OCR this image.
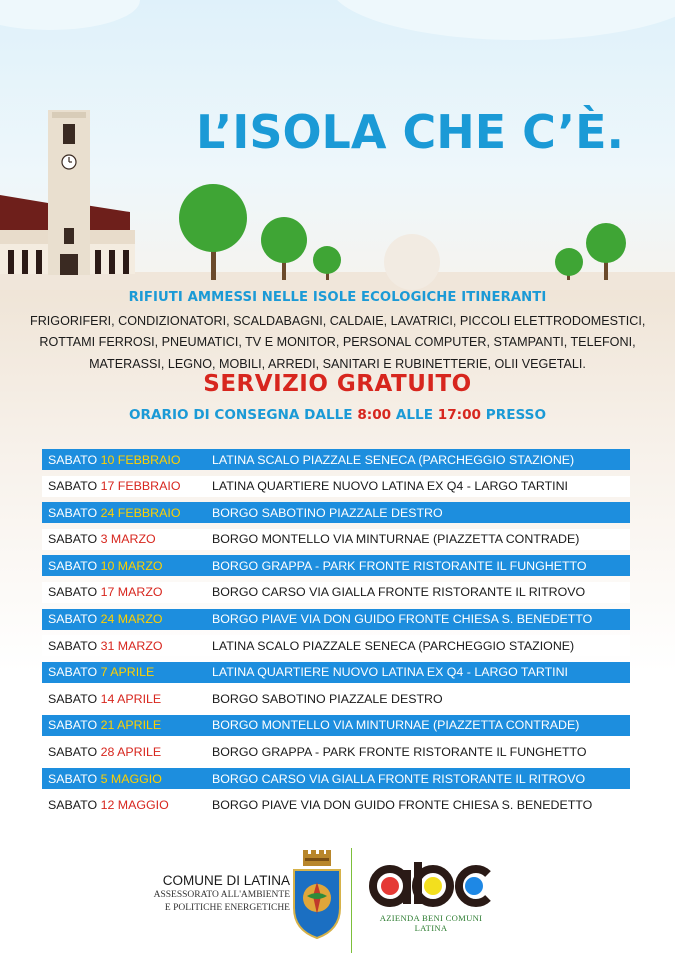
L’ISOLA CHE C’È.
RIFIUTI AMMESSI NELLE ISOLE ECOLOGICHE ITINERANTI
FRIGORIFERI, CONDIZIONATORI, SCALDABAGNI, CALDAIE, LAVATRICI, PICCOLI ELETTRODOMESTICI,
ROTTAMI FERROSI, PNEUMATICI, TV E MONITOR, PERSONAL COMPUTER, STAMPANTI, TELEFONI,
MATERASSI, LEGNO, MOBILI, ARREDI, SANITARI E RUBINETTERIE, OLII VEGETALI.
SERVIZIO GRATUITO
ORARIO DI CONSEGNA DALLE 8:00 ALLE 17:00 PRESSO
SABATO 10 FEBBRAIO	LATINA SCALO PIAZZALE SENECA (PARCHEGGIO STAZIONE)
SABATO 17 FEBBRAIO	LATINA QUARTIERE NUOVO LATINA EX Q4 - LARGO TARTINI
SABATO 24 FEBBRAIO	BORGO SABOTINO PIAZZALE DESTRO
SABATO 3 MARZO	BORGO MONTELLO VIA MINTURNAE (PIAZZETTA CONTRADE)
SABATO 10 MARZO	BORGO GRAPPA - PARK FRONTE RISTORANTE IL FUNGHETTO
SABATO 17 MARZO	BORGO CARSO VIA GIALLA FRONTE RISTORANTE IL RITROVO
SABATO 24 MARZO	BORGO PIAVE VIA DON GUIDO FRONTE CHIESA S. BENEDETTO
SABATO 31 MARZO	LATINA SCALO PIAZZALE SENECA (PARCHEGGIO STAZIONE)
SABATO 7 APRILE	LATINA QUARTIERE NUOVO LATINA EX Q4 - LARGO TARTINI
SABATO 14 APRILE	BORGO SABOTINO PIAZZALE DESTRO
SABATO 21 APRILE	BORGO MONTELLO VIA MINTURNAE (PIAZZETTA CONTRADE)
SABATO 28 APRILE	BORGO GRAPPA - PARK FRONTE RISTORANTE IL FUNGHETTO
SABATO 5 MAGGIO	BORGO CARSO VIA GIALLA FRONTE RISTORANTE IL RITROVO
SABATO 12 MAGGIO	BORGO PIAVE VIA DON GUIDO FRONTE CHIESA S. BENEDETTO
COMUNE DI LATINA
ASSESSORATO ALL'AMBIENTE
E POLITICHE ENERGETICHE
AZIENDA BENI COMUNI LATINA
